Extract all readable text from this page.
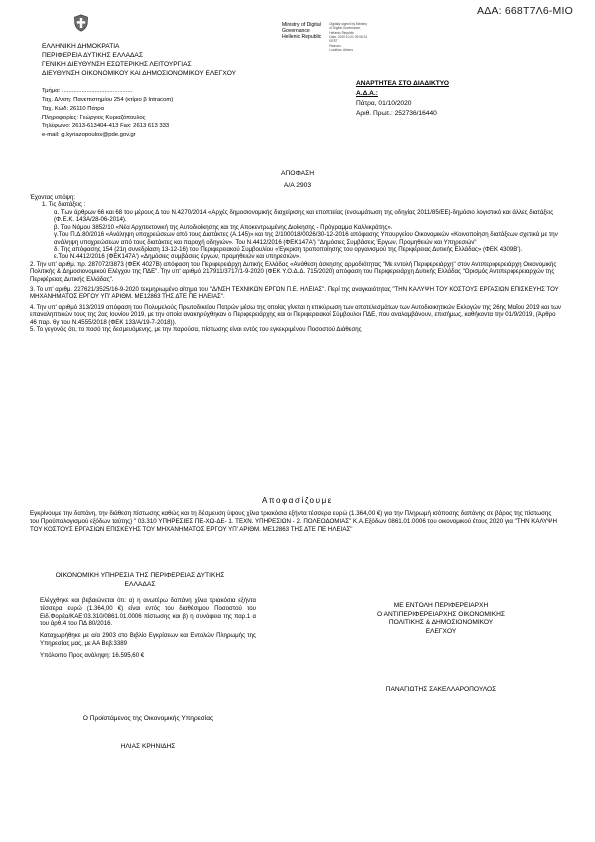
ΑΔΑ: 668Τ7Λ6-ΜΙΟ
ΕΛΛΗΝΙΚΗ ΔΗΜΟΚΡΑΤΙΑ
ΠΕΡΙΦΕΡΕΙΑ ΔΥΤΙΚΗΣ ΕΛΛΑΔΑΣ
ΓΕΝΙΚΗ ΔΙΕΥΘΥΝΣΗ ΕΣΩΤΕΡΙΚΗΣ ΛΕΙΤΟΥΡΓΙΑΣ
ΔΙΕΥΘΥΝΣΗ ΟΙΚΟΝΟΜΙΚΟΥ ΚΑΙ ΔΗΜΟΣΙΟΝΟΜΙΚΟΥ ΕΛΕΓΧΟΥ
Ministry of Digital
Governance
Hellenic Republic
Digitally signed by Ministry
of Digital Governance,
Hellenic Republic
Date: 2020.10.01 09:08:31
EEST
Reason:
Location: Athens
Τμήμα: ...........................................
Ταχ. Δ/νση: Πανεπιστημίου 254 (κτίριο β Intracom)
Ταχ. Κώδ: 26110 Πάτρα
Πληροφορίες: Γεώργιος Κυριαζόπουλος
Τηλέφωνο: 2613-613404-413 Fax: 2613 613 333
e-mail: g.kyriazopoulos@pde.gov.gr
ΑΝΑΡΤΗΤΕΑ ΣΤΟ ΔΙΑΔΙΚΤΥΟ
Α.Δ.Α.:
Πάτρα, 01/10/2020
Αριθ. Πρωτ.: 252736/16440
ΑΠΟΦΑΣΗ
Α/Α 2903

Έχοντας υπόψη:

1. Τις διατάξεις :

α. Των άρθρων 66 και 68 του μέρους Δ του Ν.4270/2014 «Αρχές δημοσιονομικής διαχείρισης και εποπτείας (ενσωμάτωση της οδηγίας 2011/85/ΕΕ)-δημόσιο λογιστικό και άλλες διατάξεις (Φ.Ε.Κ. 143Α/28-06-2014).

β. Του Νόμου 3852/10 «Νέα Αρχιτεκτονική της Αυτοδιοίκησης και της Αποκεντρωμένης Διοίκησης - Πρόγραμμα Καλλικράτης».

γ.Του Π.Δ.80/2016 «Ανάληψη υποχρεώσεων από τους Διατάκτες (Α.145)» και της 2/100018/0026/30-12-2016 απόφασης Υπουργείου Οικονομικών «Κοινοποίηση διατάξεων σχετικά με την ανάληψη υποχρεώσεων από τους διατάκτες και παροχή οδηγιών». Του Ν.4412/2016 (ΦΕΚ147Α') "Δημόσιες Συμβάσεις Έργων, Προμηθειών και Υπηρεσιών"

δ. Της απόφασης 154 (21η συνεδρίαση 13-12-16) του Περιφερειακού Συμβουλίου «Έγκριση τροποποίησης του οργανισμού της Περιφέρειας Δυτικής Ελλάδας» (ΦΕΚ 4309Β').

ε.Του Ν.4412/2016 (ΦΕΚ147Α') «Δημόσιες συμβάσεις έργων, προμηθειών και υπηρεσιών».

2. Την υπ' αριθμ. πρ. 287072/3873 (ΦΕΚ 4027Β) απόφαση του Περιφερειάρχη Δυτικής Ελλάδας «Ανάθεση άσκησης αρμοδιότητας "Με εντολή Περιφερειάρχη" στον Αντιπεριφερειάρχη Οικονομικής Πολιτικής & Δημοσιονομικού Ελέγχου της ΠΔΕ". Την υπ' αριθμό 217911/3717/1-9-2020 (ΦΕΚ Υ.Ο.Δ.Δ. 715/2020) απόφαση του Περιφερειάρχη Δυτικής Ελλάδας "Ορισμός Αντιπεριφερειαρχών της Περιφέρειας Δυτικής Ελλάδας".

3. Το υπ' αριθμ. 227621/3525/16-9-2020 τεκμηριωμένο αίτημα του "Δ/ΝΣΗ ΤΕΧΝΙΚΩΝ ΕΡΓΩΝ Π.Ε. ΗΛΕΙΑΣ". Περί της αναγκαιότητας "ΤΗΝ ΚΑΛΥΨΗ ΤΟΥ ΚΟΣΤΟΥΣ ΕΡΓΑΣΙΩΝ ΕΠΙΣΚΕΥΗΣ ΤΟΥ ΜΗΧΑΝΗΜΑΤΟΣ ΕΡΓΟΥ ΥΠ' ΑΡΙΘΜ. ΜΕ12863 ΤΗΣ ΔΤΕ ΠΕ ΗΛΕΙΑΣ".

4. Την υπ' αριθμό 313/2019 απόφαση του Πολυμελούς Πρωτοδικείου Πατρών μέσω της οποίας γίνεται η επικύρωση των αποτελεσμάτων των Αυτοδιοικητικών Εκλογών της 26ης Μαΐου 2019 και των επαναληπτικών τους της 2ας Ιουνίου 2019, με την οποία ανακηρύχθηκαν ο Περιφερειάρχης και οι Περιφερειακοί Σύμβουλοι ΠΔΕ, που αναλαμβάνουν, επισήμως, καθήκοντα την 01/9/2019, (Άρθρο 46 παρ. 6γ του Ν.4555/2018 (ΦΕΚ 133/Α/19-7-2018)).

5. Το γεγονός ότι, το ποσό της δεσμευόμενης, με την παρούσα, πίστωσης είναι εντός του εγκεκριμένου Ποσοστού Διάθεσης

Αποφασίζουμε
Εγκρίνουμε την δαπάνη, την διάθεση πίστωσης καθώς και τη δέσμευση ύψους χίλια τριακόσια εξήντα τέσσερα ευρώ (1.364,00 €) για την Πληρωμή ισόποσης δαπάνης σε βάρος της πίστωσης του Προϋπολογισμού εξόδων ταύτης) " 03.310 ΥΠΗΡΕΣΙΕΣ ΠΕ-ΧΩ-ΔΕ- 1. ΤΕΧΝ. ΥΠΗΡΕΣΙΩΝ - 2. ΠΟΛΕΟΔΟΜΙΑΣ" Κ.Α.Εξόδων 0861.01.0006 του οικονομικού έτους 2020 για "ΤΗΝ ΚΑΛΥΨΗ ΤΟΥ ΚΟΣΤΟΥΣ ΕΡΓΑΣΙΩΝ ΕΠΙΣΚΕΥΗΣ ΤΟΥ ΜΗΧΑΝΗΜΑΤΟΣ ΕΡΓΟΥ ΥΠ' ΑΡΙΘΜ. ΜΕ12863 ΤΗΣ ΔΤΕ ΠΕ ΗΛΕΙΑΣ"
ΟΙΚΟΝΟΜΙΚΗ ΥΠΗΡΕΣΙΑ ΤΗΣ ΠΕΡΙΦΕΡΕΙΑΣ ΔΥΤΙΚΗΣ ΕΛΛΑΔΑΣ

Ελέγχθηκε και βεβαιώνεται ότι: α) η ανωτέρω δαπάνη χίλια τριακόσια εξήντα τέσσερα ευρώ (1.364,00 €) είναι εντός του διαθέσιμου Ποσοστού του Ειδ.Φορέα/ΚΑΕ:03.310/0861.01.0006 πίστωσης και β) η συνάφεια της παρ.1 α του άρθ.4 του ΠΔ 80/2016.

Καταχωρήθηκε με α/α 2903 στο Βιβλίο Εγκρίσεων και Εντολών Πληρωμής της Υπηρεσίας μας, με ΑΑ Βεβ:3389

Υπόλοιπο Προς ανάληψη: 16.595,60 €

ΜΕ ΕΝΤΟΛΗ ΠΕΡΙΦΕΡΕΙΑΡΧΗ
Ο ΑΝΤΙΠΕΡΙΦΕΡΕΙΑΡΧΗΣ ΟΙΚΟΝΟΜΙΚΗΣ
ΠΟΛΙΤΙΚΗΣ & ΔΗΜΟΣΙΟΝΟΜΙΚΟΥ
ΕΛΕΓΧΟΥ
ΠΑΝΑΓΙΩΤΗΣ ΣΑΚΕΛΛΑΡΟΠΟΥΛΟΣ
Ο Προϊστάμενος της Οικονομικής Υπηρεσίας
ΗΛΙΑΣ ΚΡΗΝΙΔΗΣ
